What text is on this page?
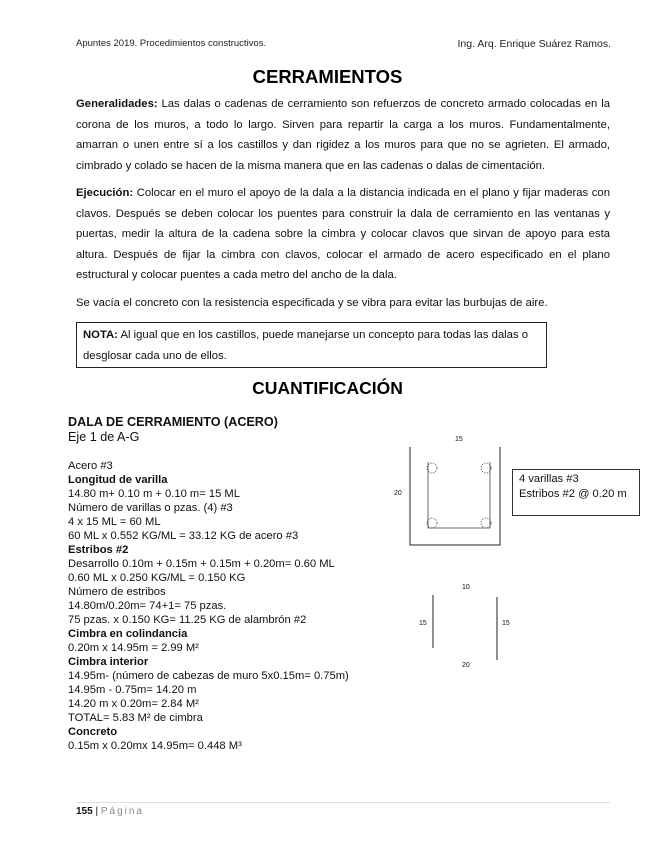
Apuntes 2019. Procedimientos constructivos.	Ing. Arq. Enrique Suárez Ramos.
CERRAMIENTOS

Generalidades: Las dalas o cadenas de cerramiento son refuerzos de concreto armado colocadas en la corona de los muros, a todo lo largo. Sirven para repartir la carga a los muros. Fundamentalmente, amarran o unen entre sí a los castillos y dan rigidez a los muros para que no se agrieten. El armado, cimbrado y colado se hacen de la misma manera que en las cadenas o dalas de cimentación.

Ejecución: Colocar en el muro el apoyo de la dala a la distancia indicada en el plano y fijar maderas con clavos. Después se deben colocar los puentes para construir la dala de cerramiento en las ventanas y puertas, medir la altura de la cadena sobre la cimbra y colocar clavos que sirvan de apoyo para esta altura. Después de fijar la cimbra con clavos, colocar el armado de acero especificado en el plano estructural y colocar puentes a cada metro del ancho de la dala.

Se vacía el concreto con la resistencia especificada y se vibra para evitar las burbujas de aire.

NOTA: Al igual que en los castillos, puede manejarse un concepto para todas las dalas o desglosar cada uno de ellos.
CUANTIFICACIÓN
DALA DE CERRAMIENTO (ACERO)
Eje 1 de A-G
Acero #3
Longitud de varilla
14.80 m+ 0.10 m + 0.10 m= 15 ML
Número de varillas o pzas. (4) #3
4 x 15 ML = 60 ML
60 ML x 0.552 KG/ML = 33.12 KG de acero #3
Estribos #2
Desarrollo 0.10m + 0.15m + 0.15m + 0.20m= 0.60 ML
0.60 ML x 0.250 KG/ML = 0.150 KG
Número de estribos
14.80m/0.20m= 74+1= 75 pzas.
75 pzas. x 0.150 KG= 11.25 KG de alambrón #2
Cimbra en colindancia
0.20m x 14.95m = 2.99 M²
Cimbra interior
14.95m- (número de cabezas de muro 5x0.15m= 0.75m)
14.95m - 0.75m= 14.20 m
14.20 m x 0.20m= 2.84 M²
TOTAL= 5.83 M² de cimbra
Concreto
0.15m x 0.20mx 14.95m= 0.448 M³
15
20
10
15	15
20
4 varillas #3
Estribos #2 @ 0.20 m
155 | Página
